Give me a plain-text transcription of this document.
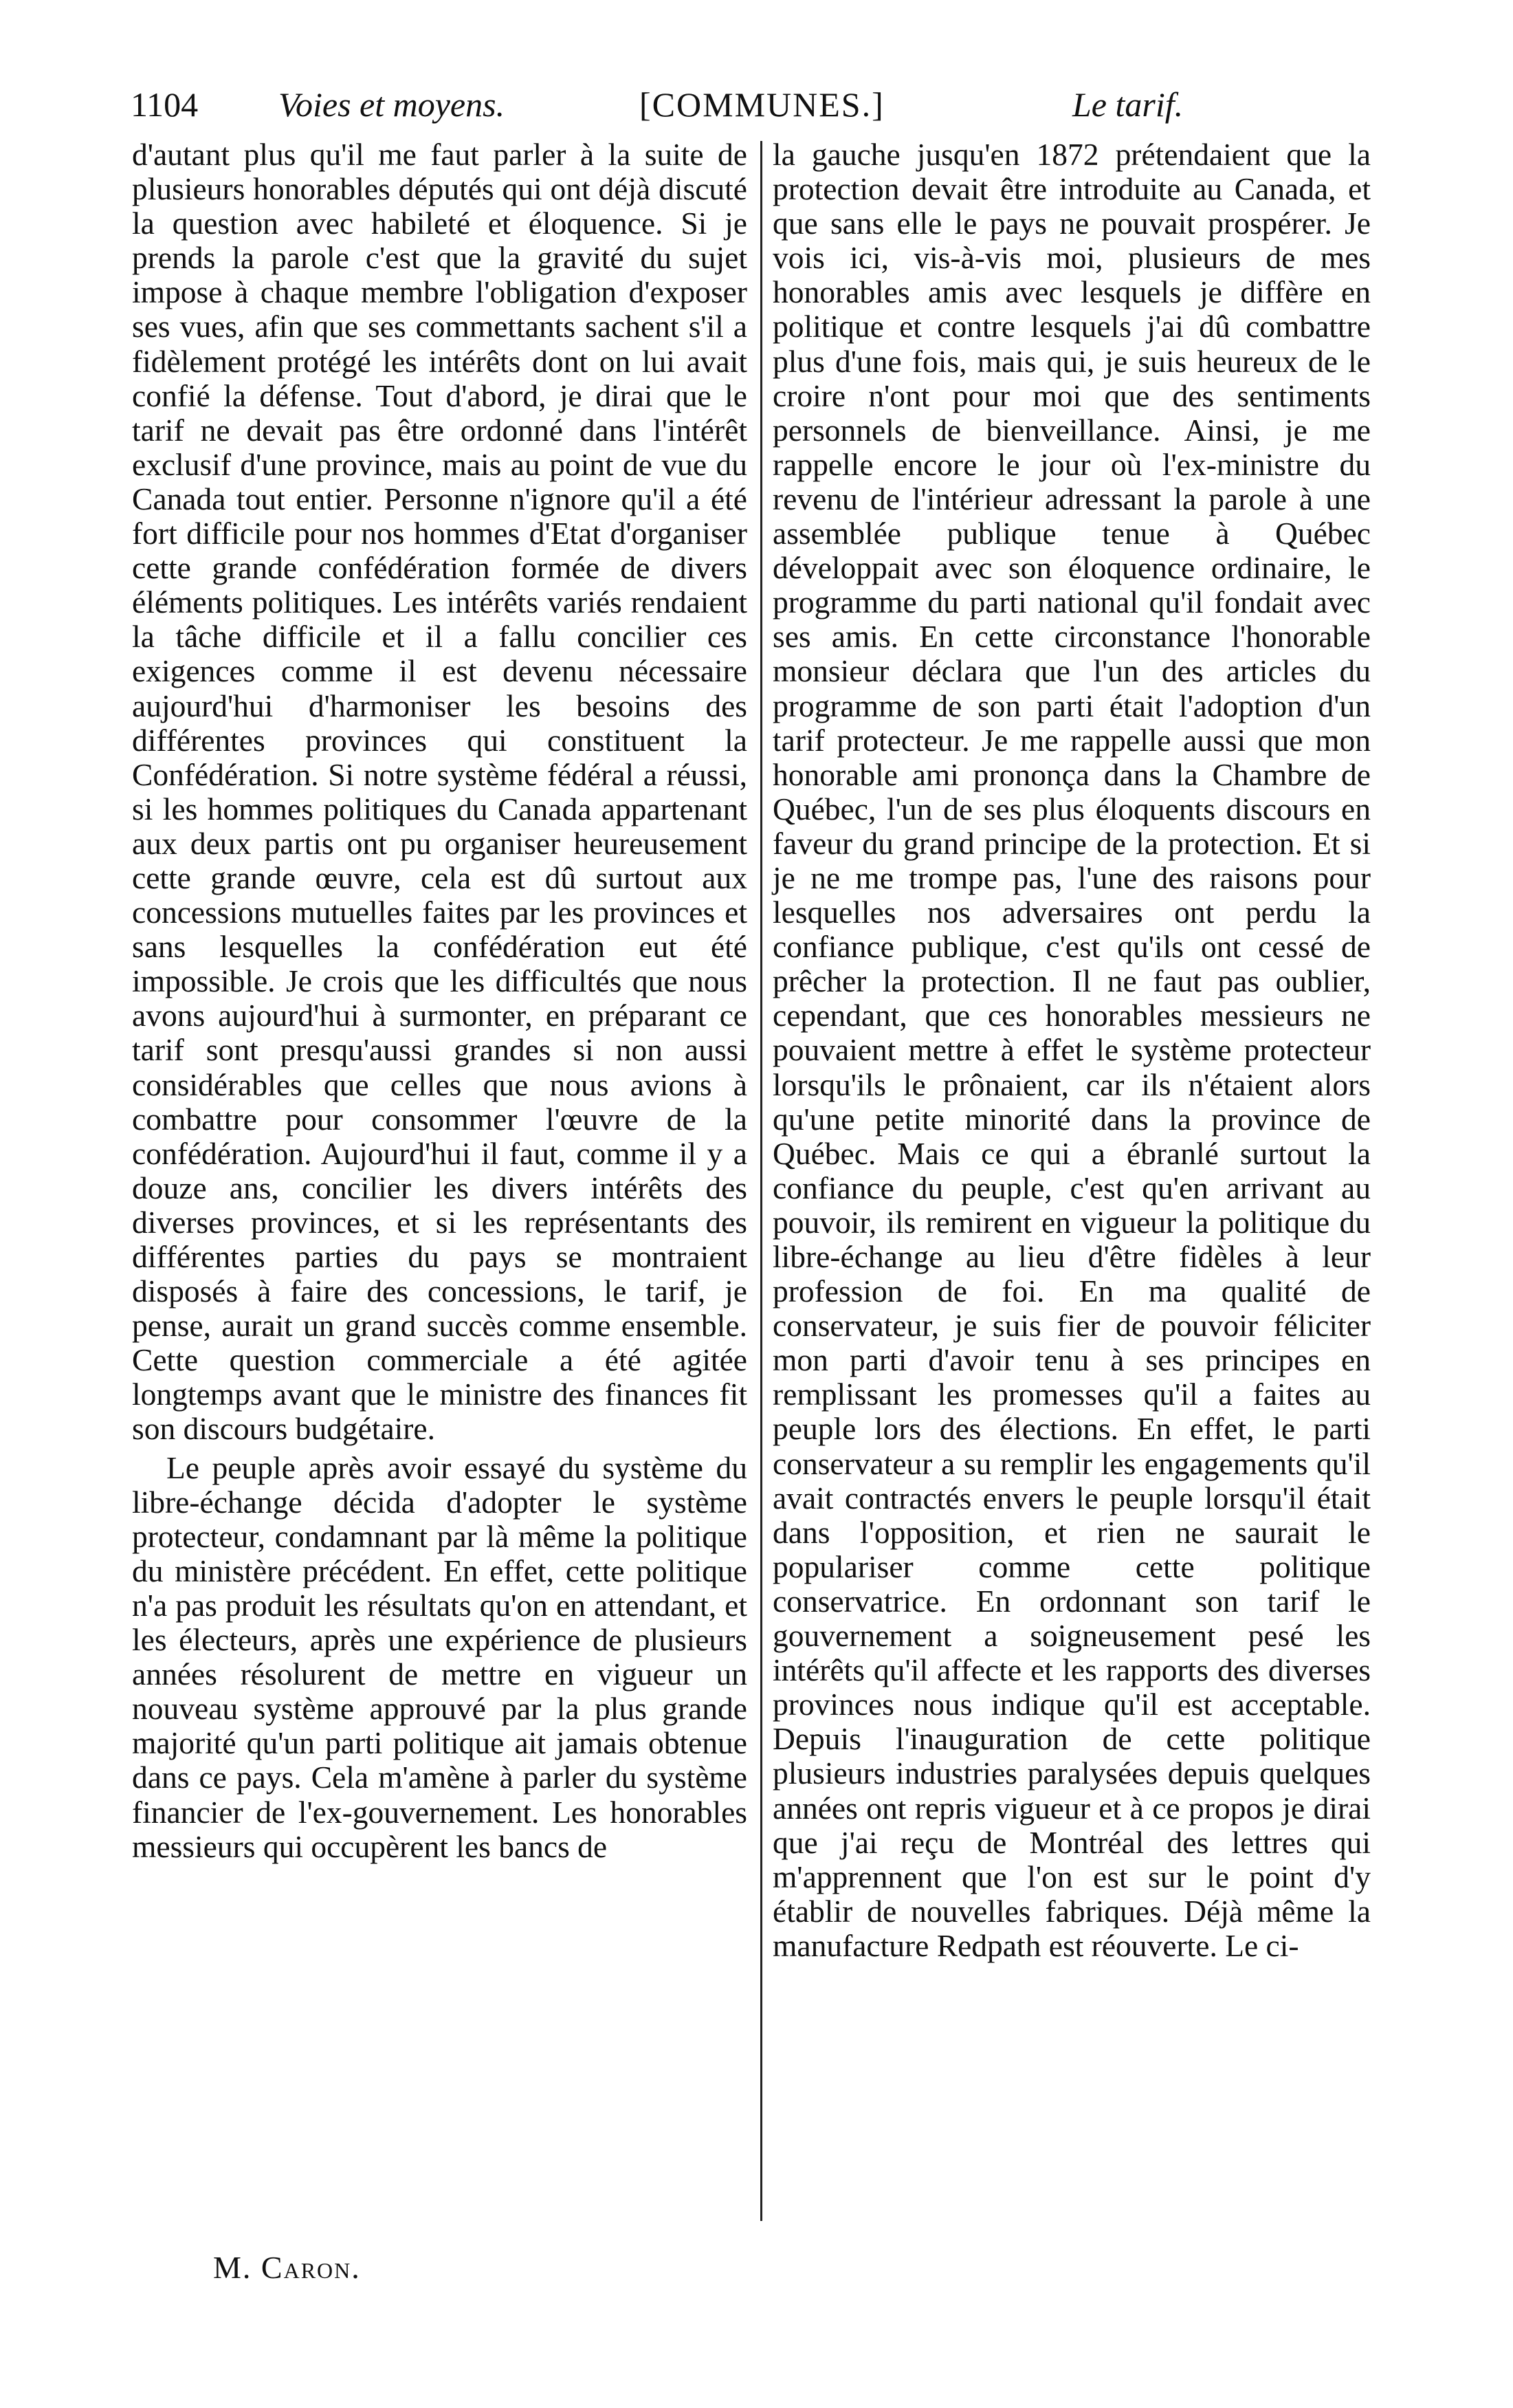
1104 Voies et moyens.	[COMMUNES.]	Le tarif.

d'autant plus qu'il me faut parler à la suite de plusieurs honorables députés qui ont déjà discuté la question avec habileté et éloquence. Si je prends la parole c'est que la gravité du sujet impose à chaque membre l'obligation d'exposer ses vues, afin que ses commettants sachent s'il a fidèlement protégé les intérêts dont on lui avait confié la défense. Tout d'abord, je dirai que le tarif ne devait pas être ordonné dans l'intérêt exclusif d'une province, mais au point de vue du Canada tout entier. Personne n'ignore qu'il a été fort difficile pour nos hommes d'Etat d'organiser cette grande confédération formée de divers éléments politiques. Les intérêts variés rendaient la tâche difficile et il a fallu concilier ces exigences comme il est devenu nécessaire aujourd'hui d'harmoniser les besoins des différentes provinces qui constituent la Confédération. Si notre système fédéral a réussi, si les hommes politiques du Canada appartenant aux deux partis ont pu organiser heureusement cette grande œuvre, cela est dû surtout aux concessions mutuelles faites par les provinces et sans lesquelles la confédération eut été impossible. Je crois que les difficultés que nous avons aujourd'hui à surmonter, en préparant ce tarif sont presqu'aussi grandes si non aussi considérables que celles que nous avions à combattre pour consommer l'œuvre de la confédération. Aujourd'hui il faut, comme il y a douze ans, concilier les divers intérêts des diverses provinces, et si les représentants des différentes parties du pays se montraient disposés à faire des concessions, le tarif, je pense, aurait un grand succès comme ensemble. Cette question commerciale a été agitée longtemps avant que le ministre des finances fit son discours budgétaire.

Le peuple après avoir essayé du système du libre-échange décida d'adopter le système protecteur, condamnant par là même la politique du ministère précédent. En effet, cette politique n'a pas produit les résultats qu'on en attendant, et les électeurs, après une expérience de plusieurs années résolurent de mettre en vigueur un nouveau système approuvé par la plus grande majorité qu'un parti politique ait jamais obtenue dans ce pays. Cela m'amène à parler du système financier de l'ex-gouvernement. Les honorables messieurs qui occupèrent les bancs de

la gauche jusqu'en 1872 prétendaient que la protection devait être introduite au Canada, et que sans elle le pays ne pouvait prospérer. Je vois ici, vis-à-vis moi, plusieurs de mes honorables amis avec lesquels je diffère en politique et contre lesquels j'ai dû combattre plus d'une fois, mais qui, je suis heureux de le croire n'ont pour moi que des sentiments personnels de bienveillance. Ainsi, je me rappelle encore le jour où l'ex-ministre du revenu de l'intérieur adressant la parole à une assemblée publique tenue à Québec développait avec son éloquence ordinaire, le programme du parti national qu'il fondait avec ses amis. En cette circonstance l'honorable monsieur déclara que l'un des articles du programme de son parti était l'adoption d'un tarif protecteur. Je me rappelle aussi que mon honorable ami prononça dans la Chambre de Québec, l'un de ses plus éloquents discours en faveur du grand principe de la protection. Et si je ne me trompe pas, l'une des raisons pour lesquelles nos adversaires ont perdu la confiance publique, c'est qu'ils ont cessé de prêcher la protection. Il ne faut pas oublier, cependant, que ces honorables messieurs ne pouvaient mettre à effet le système protecteur lorsqu'ils le prônaient, car ils n'étaient alors qu'une petite minorité dans la province de Québec. Mais ce qui a ébranlé surtout la confiance du peuple, c'est qu'en arrivant au pouvoir, ils remirent en vigueur la politique du libre-échange au lieu d'être fidèles à leur profession de foi. En ma qualité de conservateur, je suis fier de pouvoir féliciter mon parti d'avoir tenu à ses principes en remplissant les promesses qu'il a faites au peuple lors des élections. En effet, le parti conservateur a su remplir les engagements qu'il avait contractés envers le peuple lorsqu'il était dans l'opposition, et rien ne saurait le populariser comme cette politique conservatrice. En ordonnant son tarif le gouvernement a soigneusement pesé les intérêts qu'il affecte et les rapports des diverses provinces nous indique qu'il est acceptable. Depuis l'inauguration de cette politique plusieurs industries paralysées depuis quelques années ont repris vigueur et à ce propos je dirai que j'ai reçu de Montréal des lettres qui m'apprennent que l'on est sur le point d'y établir de nouvelles fabriques. Déjà même la manufacture Redpath est réouverte. Le ci-

M. Caron.
